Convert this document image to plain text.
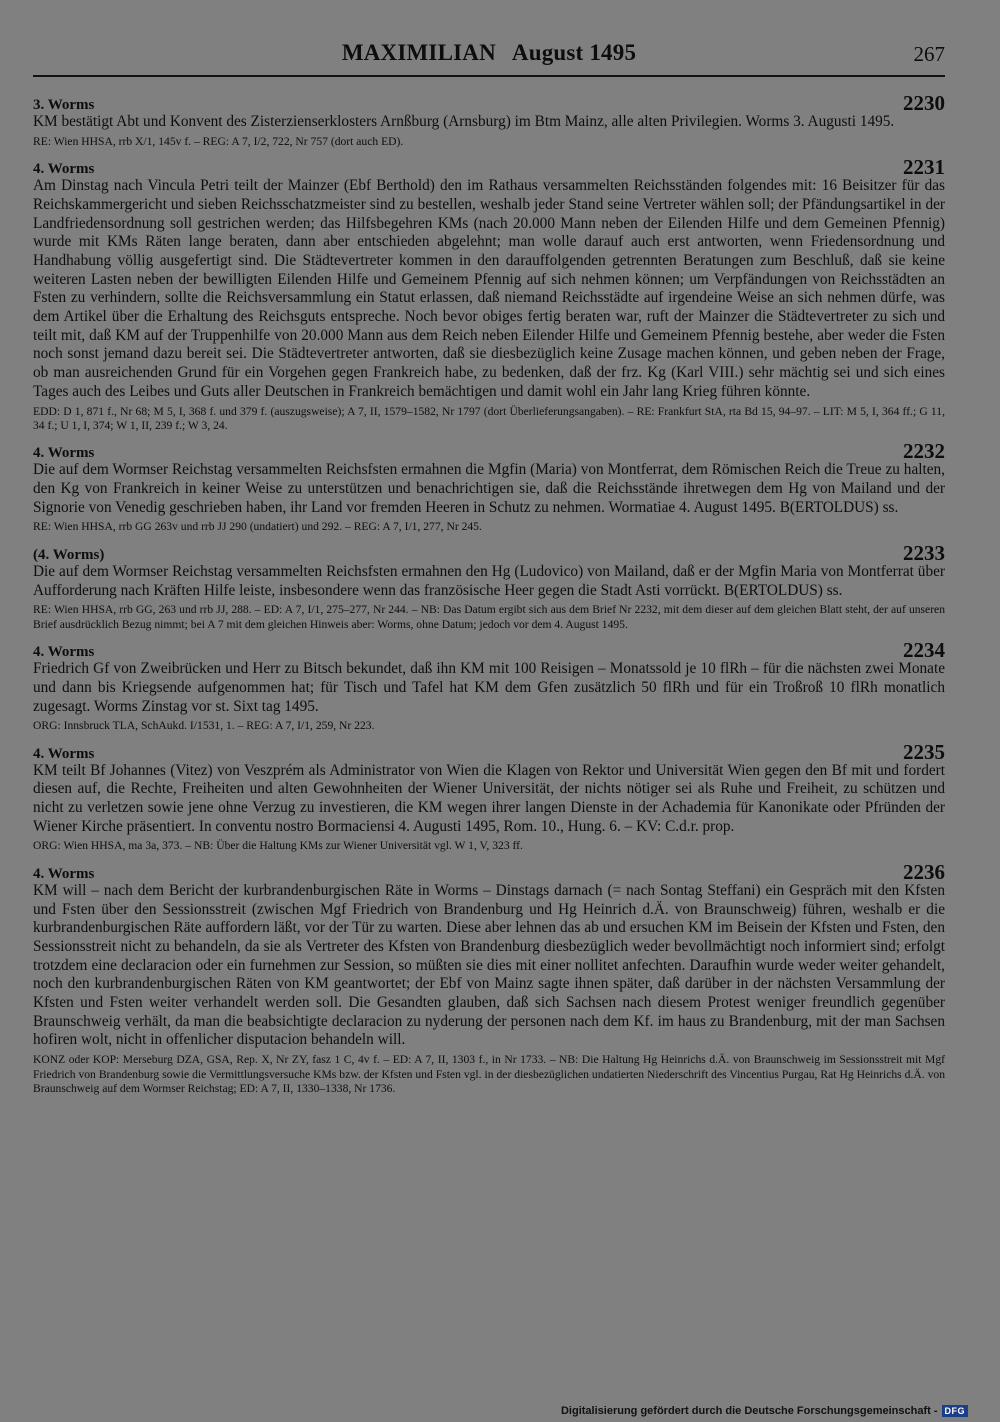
MAXIMILIAN August 1495	267
3. Worms	2230

KM bestätigt Abt und Konvent des Zisterzienserklosters Arnßburg (Arnsburg) im Btm Mainz, alle alten Privilegien. Worms 3. Augusti 1495.

RE: Wien HHSA, rrb X/1, 145v f. – REG: A 7, I/2, 722, Nr 757 (dort auch ED).
4. Worms	2231

Am Dinstag nach Vincula Petri teilt der Mainzer (Ebf Berthold) den im Rathaus versammelten Reichsständen folgendes mit: 16 Beisitzer für das Reichskammergericht und sieben Reichsschatzmeister sind zu bestellen, weshalb jeder Stand seine Vertreter wählen soll; der Pfändungsartikel in der Landfriedensordnung soll gestrichen werden; das Hilfsbegehren KMs (nach 20.000 Mann neben der Eilenden Hilfe und dem Gemeinen Pfennig) wurde mit KMs Räten lange beraten, dann aber entschieden abgelehnt; man wolle darauf auch erst antworten, wenn Friedensordnung und Handhabung völlig ausgefertigt sind. Die Städtevertreter kommen in den darauffolgenden getrennten Beratungen zum Beschluß, daß sie keine weiteren Lasten neben der bewilligten Eilenden Hilfe und Gemeinem Pfennig auf sich nehmen können; um Verpfändungen von Reichsstädten an Fsten zu verhindern, sollte die Reichsversammlung ein Statut erlassen, daß niemand Reichsstädte auf irgendeine Weise an sich nehmen dürfe, was dem Artikel über die Erhaltung des Reichsguts entspreche. Noch bevor obiges fertig beraten war, ruft der Mainzer die Städtevertreter zu sich und teilt mit, daß KM auf der Truppenhilfe von 20.000 Mann aus dem Reich neben Eilender Hilfe und Gemeinem Pfennig bestehe, aber weder die Fsten noch sonst jemand dazu bereit sei. Die Städtevertreter antworten, daß sie diesbezüglich keine Zusage machen können, und geben neben der Frage, ob man ausreichenden Grund für ein Vorgehen gegen Frankreich habe, zu bedenken, daß der frz. Kg (Karl VIII.) sehr mächtig sei und sich eines Tages auch des Leibes und Guts aller Deutschen in Frankreich bemächtigen und damit wohl ein Jahr lang Krieg führen könnte.

EDD: D 1, 871 f., Nr 68; M 5, I, 368 f. und 379 f. (auszugsweise); A 7, II, 1579–1582, Nr 1797 (dort Überlieferungsangaben). – RE: Frankfurt StA, rta Bd 15, 94–97. – LIT: M 5, I, 364 ff.; G 11, 34 f.; U 1, I, 374; W 1, II, 239 f.; W 3, 24.
4. Worms	2232

Die auf dem Wormser Reichstag versammelten Reichsfsten ermahnen die Mgfin (Maria) von Montferrat, dem Römischen Reich die Treue zu halten, den Kg von Frankreich in keiner Weise zu unterstützen und benachrichtigen sie, daß die Reichsstände ihretwegen dem Hg von Mailand und der Signorie von Venedig geschrieben haben, ihr Land vor fremden Heeren in Schutz zu nehmen. Wormatiae 4. August 1495. B(ERTOLDUS) ss.

RE: Wien HHSA, rrb GG 263v und rrb JJ 290 (undatiert) und 292. – REG: A 7, I/1, 277, Nr 245.
(4. Worms)	2233

Die auf dem Wormser Reichstag versammelten Reichsfsten ermahnen den Hg (Ludovico) von Mailand, daß er der Mgfin Maria von Montferrat über Aufforderung nach Kräften Hilfe leiste, insbesondere wenn das französische Heer gegen die Stadt Asti vorrückt. B(ERTOLDUS) ss.

RE: Wien HHSA, rrb GG, 263 und rrb JJ, 288. – ED: A 7, I/1, 275–277, Nr 244. – NB: Das Datum ergibt sich aus dem Brief Nr 2232, mit dem dieser auf dem gleichen Blatt steht, der auf unseren Brief ausdrücklich Bezug nimmt; bei A 7 mit dem gleichen Hinweis aber: Worms, ohne Datum; jedoch vor dem 4. August 1495.
4. Worms	2234

Friedrich Gf von Zweibrücken und Herr zu Bitsch bekundet, daß ihn KM mit 100 Reisigen – Monatssold je 10 flRh – für die nächsten zwei Monate und dann bis Kriegsende aufgenommen hat; für Tisch und Tafel hat KM dem Gfen zusätzlich 50 flRh und für ein Troßroß 10 flRh monatlich zugesagt. Worms Zinstag vor st. Sixt tag 1495.

ORG: Innsbruck TLA, SchAukd. I/1531, 1. – REG: A 7, I/1, 259, Nr 223.
4. Worms	2235

KM teilt Bf Johannes (Vitez) von Veszprém als Administrator von Wien die Klagen von Rektor und Universität Wien gegen den Bf mit und fordert diesen auf, die Rechte, Freiheiten und alten Gewohnheiten der Wiener Universität, der nichts nötiger sei als Ruhe und Freiheit, zu schützen und nicht zu verletzen sowie jene ohne Verzug zu investieren, die KM wegen ihrer langen Dienste in der Achademia für Kanonikate oder Pfründen der Wiener Kirche präsentiert. In conventu nostro Bormaciensi 4. Augusti 1495, Rom. 10., Hung. 6. – KV: C.d.r. prop.

ORG: Wien HHSA, ma 3a, 373. – NB: Über die Haltung KMs zur Wiener Universität vgl. W 1, V, 323 ff.
4. Worms	2236

KM will – nach dem Bericht der kurbrandenburgischen Räte in Worms – Dinstags darnach (= nach Sontag Steffani) ein Gespräch mit den Kfsten und Fsten über den Sessionsstreit (zwischen Mgf Friedrich von Brandenburg und Hg Heinrich d.Ä. von Braunschweig) führen, weshalb er die kurbrandenburgischen Räte auffordern läßt, vor der Tür zu warten. Diese aber lehnen das ab und ersuchen KM im Beisein der Kfsten und Fsten, den Sessionsstreit nicht zu behandeln, da sie als Vertreter des Kfsten von Brandenburg diesbezüglich weder bevollmächtigt noch informiert sind; erfolgt trotzdem eine declaracion oder ein furnehmen zur Session, so müßten sie dies mit einer nollitet anfechten. Daraufhin wurde weder weiter gehandelt, noch den kurbrandenburgischen Räten von KM geantwortet; der Ebf von Mainz sagte ihnen später, daß darüber in der nächsten Versammlung der Kfsten und Fsten weiter verhandelt werden soll. Die Gesandten glauben, daß sich Sachsen nach diesem Protest weniger freundlich gegenüber Braunschweig verhält, da man die beabsichtigte declaracion zu nyderung der personen nach dem Kf. im haus zu Brandenburg, mit der man Sachsen hofiren wolt, nicht in offenlicher disputacion behandeln will.

KONZ oder KOP: Merseburg DZA, GSA, Rep. X, Nr ZY, fasz 1 C, 4v f. – ED: A 7, II, 1303 f., in Nr 1733. – NB: Die Haltung Hg Heinrichs d.Ä. von Braunschweig im Sessionsstreit mit Mgf Friedrich von Brandenburg sowie die Vermittlungsversuche KMs bzw. der Kfsten und Fsten vgl. in der diesbezüglichen undatierten Niederschrift des Vincentius Purgau, Rat Hg Heinrichs d.Ä. von Braunschweig auf dem Wormser Reichstag; ED: A 7, II, 1330–1338, Nr 1736.
Digitalisierung gefördert durch die Deutsche Forschungsgemeinschaft - DFG
